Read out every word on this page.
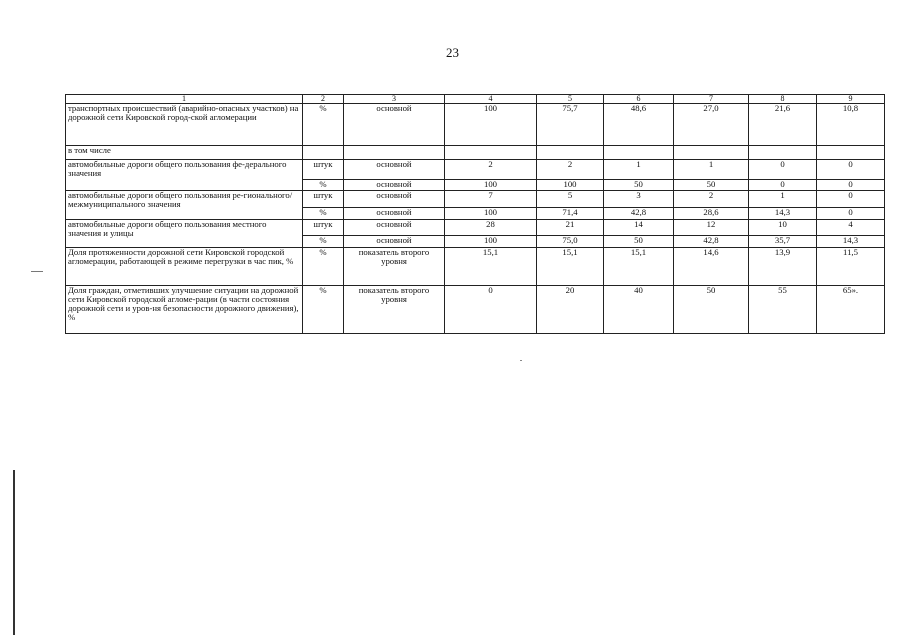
23
1	2	3	4	5	6	7	8	9
транспортных происшествий (аварийно-опасных участков) на дорожной сети Кировской город-ской агломерации	%	основной	100	75,7	48,6	27,0	21,6	10,8
в том числе								
автомобильные дороги общего пользования фе-дерального значения	штук	основной	2	2	1	1	0	0
	%	основной	100	100	50	50	0	0
автомобильные дороги общего пользования ре-гионального/межмуниципального значения	штук	основной	7	5	3	2	1	0
	%	основной	100	71,4	42,8	28,6	14,3	0
автомобильные дороги общего пользования местного значения и улицы	штук	основной	28	21	14	12	10	4
	%	основной	100	75,0	50	42,8	35,7	14,3
Доля протяженности дорожной сети Кировской городской агломерации, работающей в режиме перегрузки в час пик, %	%	показатель второго уровня	15,1	15,1	15,1	14,6	13,9	11,5
Доля граждан, отметивших улучшение ситуации на дорожной сети Кировской городской агломе-рации (в части состояния дорожной сети и уров-ня безопасности дорожного движения), %	%	показатель второго уровня	0	20	40	50	55	65».
